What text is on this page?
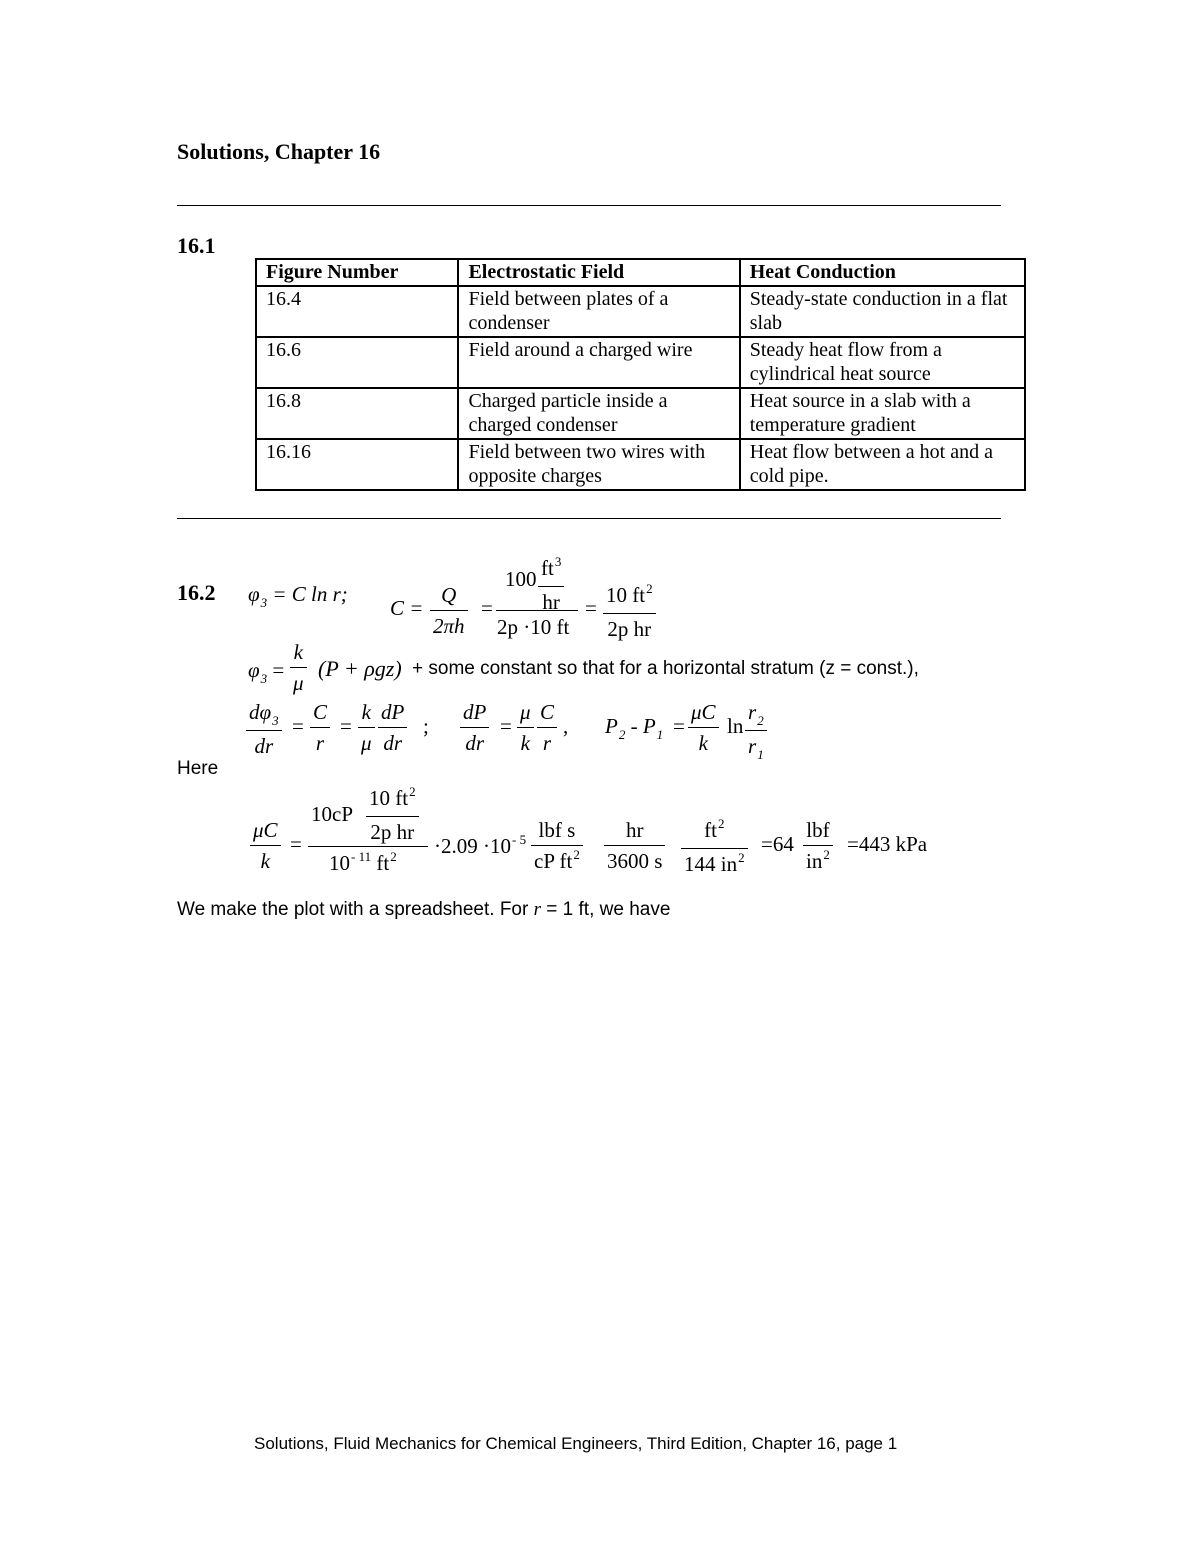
Solutions, Chapter 16
16.1
Figure Number	Electrostatic Field	Heat Conduction
16.4	Field between plates of a condenser	Steady-state conduction in a flat slab
16.6	Field around a charged wire	Steady heat flow from a cylindrical heat source
16.8	Charged particle inside a charged condenser	Heat source in a slab with a temperature gradient
16.16	Field between two wires with opposite charges	Heat flow between a hot and a cold pipe.
16.2 $\varphi_3 = C$ ln r;
C =
Q
2πh
=
100 $ft^3$
hr
2p ·10 ft
=
10 $ft^2$
2p hr
$\varphi_3$ =
k
μ
(P + ρgz) + some constant so that for a horizontal stratum (z = const.),
$d\varphi_3$
dr
=
C
r
=
k
μ
dP
dr
;
dP
dr
=
μ
k
C
r
, $P_2 - P_1$ =
μC
k
ln
$r_2$
$r_1$
Here
μC
k
=
10cP
10 $ft^2$
2p hr
$10^{- 11}$ $ft^2 \cdot 2.09 \cdot 10^{- 5}$ lbf s
cP $ft^2$
hr
3600 s
$ft^2$
144 $in^2$
=64
lbf
$in^2 =443$ kPa
We make the plot with a spreadsheet. For r = 1 ft, we have
Solutions, Fluid Mechanics for Chemical Engineers, Third Edition, Chapter 16, page 1
